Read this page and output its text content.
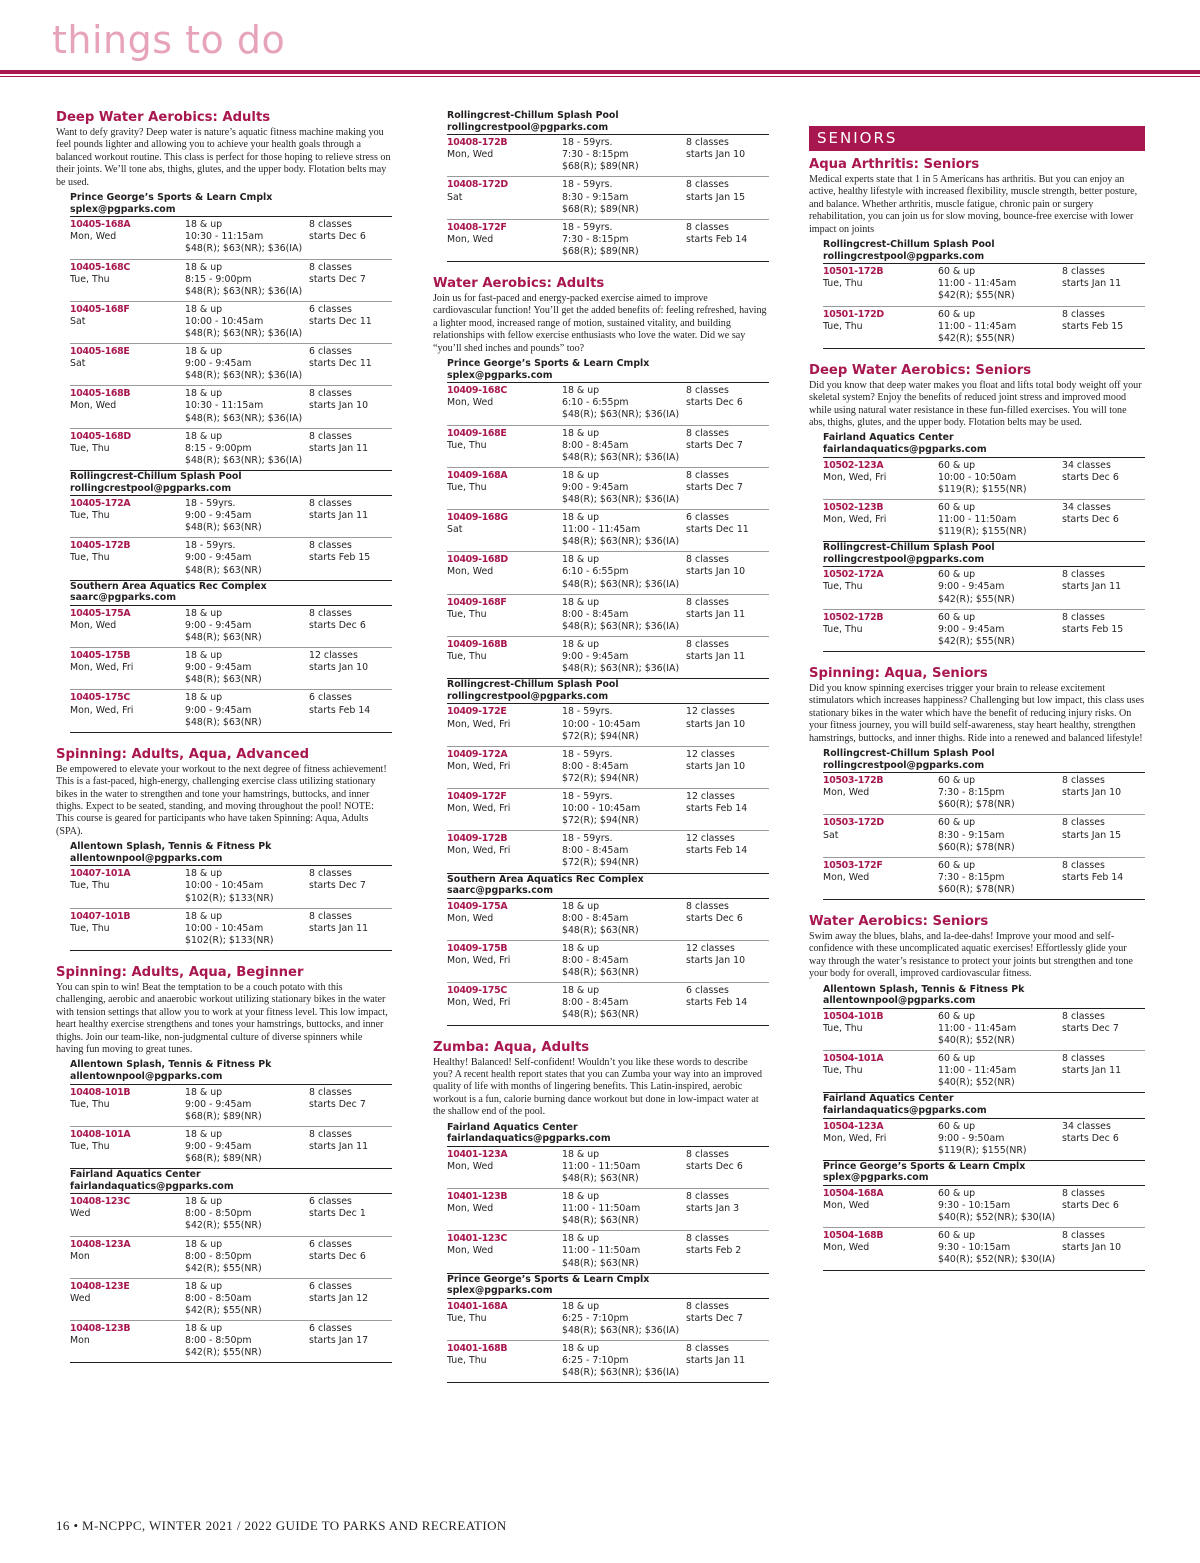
things to do
Deep Water Aerobics: Adults

Want to defy gravity? Deep water is nature’s aquatic fitness machine making you feel pounds lighter and allowing you to achieve your health goals through a balanced workout routine. This class is perfect for those hoping to relieve stress on their joints. We’ll tone abs, thighs, glutes, and the upper body. Flotation belts may be used.

Prince George’s Sports & Learn Cmplx
splex@pgparks.com
10405-168A
Mon, Wed
18 & up
10:30 - 11:15am
$48(R); $63(NR); $36(IA)
8 classes
starts Dec 6
10405-168C
Tue, Thu
18 & up
8:15 - 9:00pm
$48(R); $63(NR); $36(IA)
8 classes
starts Dec 7
10405-168F
Sat
18 & up
10:00 - 10:45am
$48(R); $63(NR); $36(IA)
6 classes
starts Dec 11
10405-168E
Sat
18 & up
9:00 - 9:45am
$48(R); $63(NR); $36(IA)
6 classes
starts Dec 11
10405-168B
Mon, Wed
18 & up
10:30 - 11:15am
$48(R); $63(NR); $36(IA)
8 classes
starts Jan 10
10405-168D
Tue, Thu
18 & up
8:15 - 9:00pm
$48(R); $63(NR); $36(IA)
8 classes
starts Jan 11
Rollingcrest-Chillum Splash Pool
rollingcrestpool@pgparks.com
10405-172A
Tue, Thu
18 - 59yrs.
9:00 - 9:45am
$48(R); $63(NR)
8 classes
starts Jan 11
10405-172B
Tue, Thu
18 - 59yrs.
9:00 - 9:45am
$48(R); $63(NR)
8 classes
starts Feb 15
Southern Area Aquatics Rec Complex
saarc@pgparks.com
10405-175A
Mon, Wed
18 & up
9:00 - 9:45am
$48(R); $63(NR)
8 classes
starts Dec 6
10405-175B
Mon, Wed, Fri
18 & up
9:00 - 9:45am
$48(R); $63(NR)
12 classes
starts Jan 10
10405-175C
Mon, Wed, Fri
18 & up
9:00 - 9:45am
$48(R); $63(NR)
6 classes
starts Feb 14
Spinning: Adults, Aqua, Advanced

Be empowered to elevate your workout to the next degree of fitness achievement! This is a fast-paced, high-energy, challenging exercise class utilizing stationary bikes in the water to strengthen and tone your hamstrings, buttocks, and inner thighs. Expect to be seated, standing, and moving throughout the pool! NOTE: This course is geared for participants who have taken Spinning: Aqua, Adults (SPA).

Allentown Splash, Tennis & Fitness Pk
allentownpool@pgparks.com
10407-101A
Tue, Thu
18 & up
10:00 - 10:45am
$102(R); $133(NR)
8 classes
starts Dec 7
10407-101B
Tue, Thu
18 & up
10:00 - 10:45am
$102(R); $133(NR)
8 classes
starts Jan 11
Spinning: Adults, Aqua, Beginner

You can spin to win! Beat the temptation to be a couch potato with this challenging, aerobic and anaerobic workout utilizing stationary bikes in the water with tension settings that allow you to work at your fitness level. This low impact, heart healthy exercise strengthens and tones your hamstrings, buttocks, and inner thighs. Join our team-like, non-judgmental culture of diverse spinners while having fun moving to great tunes.

Allentown Splash, Tennis & Fitness Pk
allentownpool@pgparks.com
10408-101B
Tue, Thu
18 & up
9:00 - 9:45am
$68(R); $89(NR)
8 classes
starts Dec 7
10408-101A
Tue, Thu
18 & up
9:00 - 9:45am
$68(R); $89(NR)
8 classes
starts Jan 11
Fairland Aquatics Center
fairlandaquatics@pgparks.com
10408-123C
Wed
18 & up
8:00 - 8:50pm
$42(R); $55(NR)
6 classes
starts Dec 1
10408-123A
Mon
18 & up
8:00 - 8:50pm
$42(R); $55(NR)
6 classes
starts Dec 6
10408-123E
Wed
18 & up
8:00 - 8:50am
$42(R); $55(NR)
6 classes
starts Jan 12
10408-123B
Mon
18 & up
8:00 - 8:50pm
$42(R); $55(NR)
6 classes
starts Jan 17
Rollingcrest-Chillum Splash Pool
rollingcrestpool@pgparks.com
10408-172B
Mon, Wed
18 - 59yrs.
7:30 - 8:15pm
$68(R); $89(NR)
8 classes
starts Jan 10
10408-172D
Sat
18 - 59yrs.
8:30 - 9:15am
$68(R); $89(NR)
8 classes
starts Jan 15
10408-172F
Mon, Wed
18 - 59yrs.
7:30 - 8:15pm
$68(R); $89(NR)
8 classes
starts Feb 14
Water Aerobics: Adults

Join us for fast-paced and energy-packed exercise aimed to improve cardiovascular function! You’ll get the added benefits of: feeling refreshed, having a lighter mood, increased range of motion, sustained vitality, and building relationships with fellow exercise enthusiasts who love the water. Did we say “you’ll shed inches and pounds” too?

Prince George’s Sports & Learn Cmplx
splex@pgparks.com
10409-168C
Mon, Wed
18 & up
6:10 - 6:55pm
$48(R); $63(NR); $36(IA)
8 classes
starts Dec 6
10409-168E
Tue, Thu
18 & up
8:00 - 8:45am
$48(R); $63(NR); $36(IA)
8 classes
starts Dec 7
10409-168A
Tue, Thu
18 & up
9:00 - 9:45am
$48(R); $63(NR); $36(IA)
8 classes
starts Dec 7
10409-168G
Sat
18 & up
11:00 - 11:45am
$48(R); $63(NR); $36(IA)
6 classes
starts Dec 11
10409-168D
Mon, Wed
18 & up
6:10 - 6:55pm
$48(R); $63(NR); $36(IA)
8 classes
starts Jan 10
10409-168F
Tue, Thu
18 & up
8:00 - 8:45am
$48(R); $63(NR); $36(IA)
8 classes
starts Jan 11
10409-168B
Tue, Thu
18 & up
9:00 - 9:45am
$48(R); $63(NR); $36(IA)
8 classes
starts Jan 11
Rollingcrest-Chillum Splash Pool
rollingcrestpool@pgparks.com
10409-172E
Mon, Wed, Fri
18 - 59yrs.
10:00 - 10:45am
$72(R); $94(NR)
12 classes
starts Jan 10
10409-172A
Mon, Wed, Fri
18 - 59yrs.
8:00 - 8:45am
$72(R); $94(NR)
12 classes
starts Jan 10
10409-172F
Mon, Wed, Fri
18 - 59yrs.
10:00 - 10:45am
$72(R); $94(NR)
12 classes
starts Feb 14
10409-172B
Mon, Wed, Fri
18 - 59yrs.
8:00 - 8:45am
$72(R); $94(NR)
12 classes
starts Feb 14
Southern Area Aquatics Rec Complex
saarc@pgparks.com
10409-175A
Mon, Wed
18 & up
8:00 - 8:45am
$48(R); $63(NR)
8 classes
starts Dec 6
10409-175B
Mon, Wed, Fri
18 & up
8:00 - 8:45am
$48(R); $63(NR)
12 classes
starts Jan 10
10409-175C
Mon, Wed, Fri
18 & up
8:00 - 8:45am
$48(R); $63(NR)
6 classes
starts Feb 14
Zumba: Aqua, Adults

Healthy! Balanced! Self-confident! Wouldn’t you like these words to describe you? A recent health report states that you can Zumba your way into an improved quality of life with months of lingering benefits. This Latin-inspired, aerobic workout is a fun, calorie burning dance workout but done in low-impact water at the shallow end of the pool.

Fairland Aquatics Center
fairlandaquatics@pgparks.com
10401-123A
Mon, Wed
18 & up
11:00 - 11:50am
$48(R); $63(NR)
8 classes
starts Dec 6
10401-123B
Mon, Wed
18 & up
11:00 - 11:50am
$48(R); $63(NR)
8 classes
starts Jan 3
10401-123C
Mon, Wed
18 & up
11:00 - 11:50am
$48(R); $63(NR)
8 classes
starts Feb 2
Prince George’s Sports & Learn Cmplx
splex@pgparks.com
10401-168A
Tue, Thu
18 & up
6:25 - 7:10pm
$48(R); $63(NR); $36(IA)
8 classes
starts Dec 7
10401-168B
Tue, Thu
18 & up
6:25 - 7:10pm
$48(R); $63(NR); $36(IA)
8 classes
starts Jan 11
SENIORS
Aqua Arthritis: Seniors

Medical experts state that 1 in 5 Americans has arthritis. But you can enjoy an active, healthy lifestyle with increased flexibility, muscle strength, better posture, and balance. Whether arthritis, muscle fatigue, chronic pain or surgery rehabilitation, you can join us for slow moving, bounce-free exercise with lower impact on joints

Rollingcrest-Chillum Splash Pool
rollingcrestpool@pgparks.com
10501-172B
Tue, Thu
60 & up
11:00 - 11:45am
$42(R); $55(NR)
8 classes
starts Jan 11
10501-172D
Tue, Thu
60 & up
11:00 - 11:45am
$42(R); $55(NR)
8 classes
starts Feb 15
Deep Water Aerobics: Seniors

Did you know that deep water makes you float and lifts total body weight off your skeletal system? Enjoy the benefits of reduced joint stress and improved mood while using natural water resistance in these fun-filled exercises. You will tone abs, thighs, glutes, and the upper body. Flotation belts may be used.

Fairland Aquatics Center
fairlandaquatics@pgparks.com
10502-123A
Mon, Wed, Fri
60 & up
10:00 - 10:50am
$119(R); $155(NR)
34 classes
starts Dec 6
10502-123B
Mon, Wed, Fri
60 & up
11:00 - 11:50am
$119(R); $155(NR)
34 classes
starts Dec 6
Rollingcrest-Chillum Splash Pool
rollingcrestpool@pgparks.com
10502-172A
Tue, Thu
60 & up
9:00 - 9:45am
$42(R); $55(NR)
8 classes
starts Jan 11
10502-172B
Tue, Thu
60 & up
9:00 - 9:45am
$42(R); $55(NR)
8 classes
starts Feb 15
Spinning: Aqua, Seniors

Did you know spinning exercises trigger your brain to release excitement stimulators which increases happiness? Challenging but low impact, this class uses stationary bikes in the water which have the benefit of reducing injury risks. On your fitness journey, you will build self-awareness, stay heart healthy, strengthen hamstrings, buttocks, and inner thighs. Ride into a renewed and balanced lifestyle!

Rollingcrest-Chillum Splash Pool
rollingcrestpool@pgparks.com
10503-172B
Mon, Wed
60 & up
7:30 - 8:15pm
$60(R); $78(NR)
8 classes
starts Jan 10
10503-172D
Sat
60 & up
8:30 - 9:15am
$60(R); $78(NR)
8 classes
starts Jan 15
10503-172F
Mon, Wed
60 & up
7:30 - 8:15pm
$60(R); $78(NR)
8 classes
starts Feb 14
Water Aerobics: Seniors

Swim away the blues, blahs, and la-dee-dahs! Improve your mood and self-confidence with these uncomplicated aquatic exercises! Effortlessly glide your way through the water’s resistance to protect your joints but strengthen and tone your body for overall, improved cardiovascular fitness.

Allentown Splash, Tennis & Fitness Pk
allentownpool@pgparks.com
10504-101B
Tue, Thu
60 & up
11:00 - 11:45am
$40(R); $52(NR)
8 classes
starts Dec 7
10504-101A
Tue, Thu
60 & up
11:00 - 11:45am
$40(R); $52(NR)
8 classes
starts Jan 11
Fairland Aquatics Center
fairlandaquatics@pgparks.com
10504-123A
Mon, Wed, Fri
60 & up
9:00 - 9:50am
$119(R); $155(NR)
34 classes
starts Dec 6
Prince George’s Sports & Learn Cmplx
splex@pgparks.com
10504-168A
Mon, Wed
60 & up
9:30 - 10:15am
$40(R); $52(NR); $30(IA)
8 classes
starts Dec 6
10504-168B
Mon, Wed
60 & up
9:30 - 10:15am
$40(R); $52(NR); $30(IA)
8 classes
starts Jan 10
16 • M-NCPPC, WINTER 2021 / 2022 GUIDE TO PARKS AND RECREATION
